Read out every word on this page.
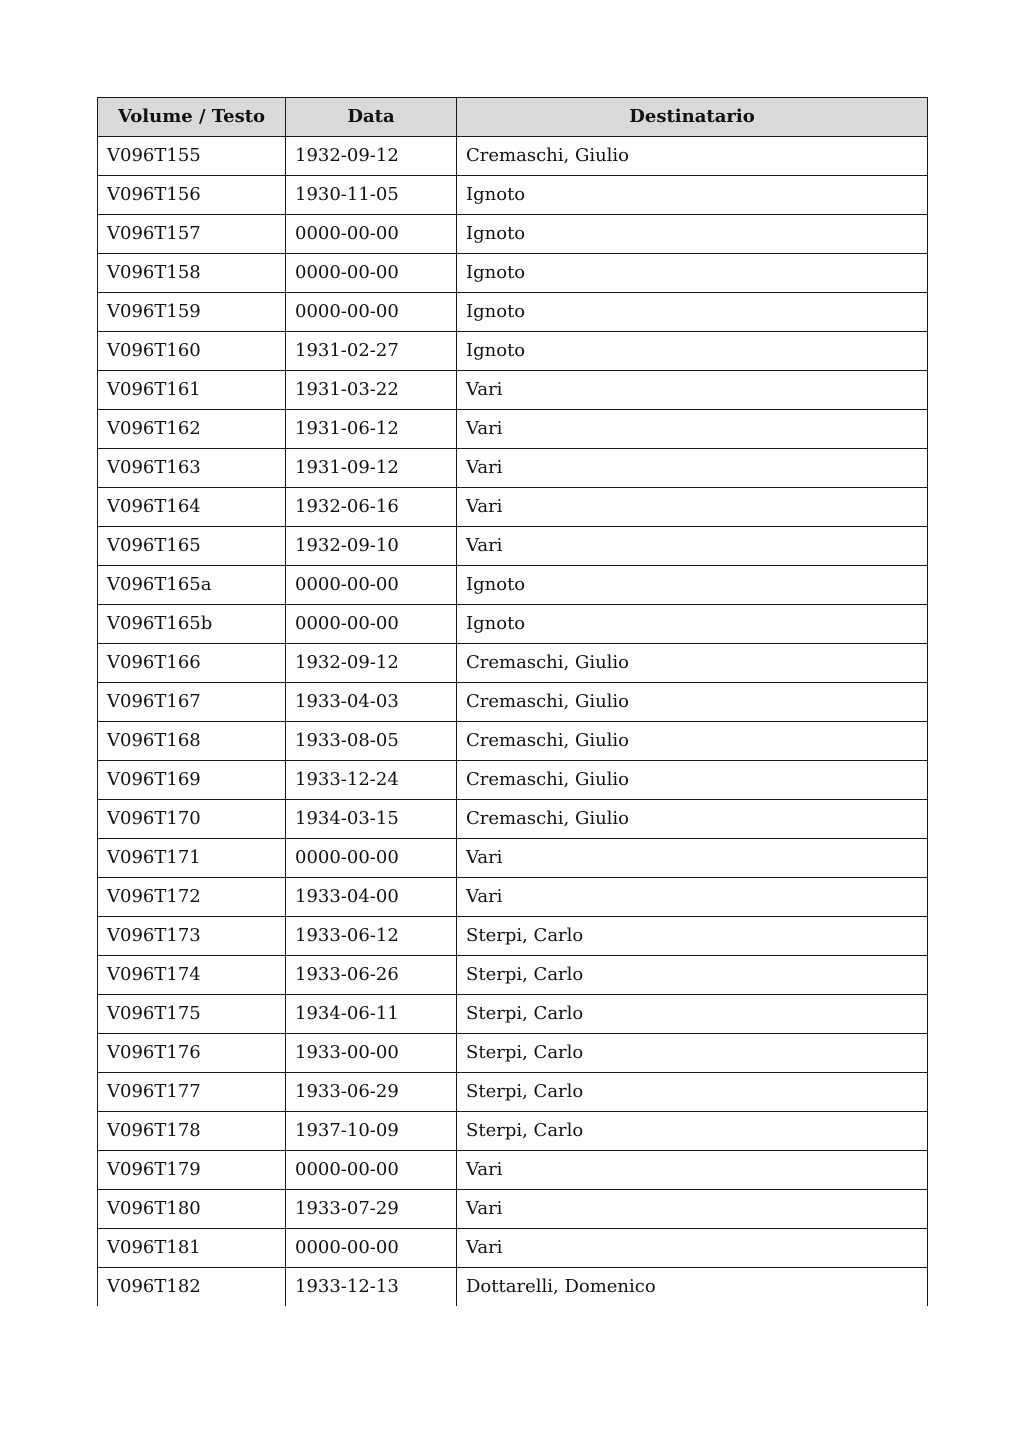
Volume / Testo	Data	Destinatario
V096T155	1932-09-12	Cremaschi, Giulio
V096T156	1930-11-05	Ignoto
V096T157	0000-00-00	Ignoto
V096T158	0000-00-00	Ignoto
V096T159	0000-00-00	Ignoto
V096T160	1931-02-27	Ignoto
V096T161	1931-03-22	Vari
V096T162	1931-06-12	Vari
V096T163	1931-09-12	Vari
V096T164	1932-06-16	Vari
V096T165	1932-09-10	Vari
V096T165a	0000-00-00	Ignoto
V096T165b	0000-00-00	Ignoto
V096T166	1932-09-12	Cremaschi, Giulio
V096T167	1933-04-03	Cremaschi, Giulio
V096T168	1933-08-05	Cremaschi, Giulio
V096T169	1933-12-24	Cremaschi, Giulio
V096T170	1934-03-15	Cremaschi, Giulio
V096T171	0000-00-00	Vari
V096T172	1933-04-00	Vari
V096T173	1933-06-12	Sterpi, Carlo
V096T174	1933-06-26	Sterpi, Carlo
V096T175	1934-06-11	Sterpi, Carlo
V096T176	1933-00-00	Sterpi, Carlo
V096T177	1933-06-29	Sterpi, Carlo
V096T178	1937-10-09	Sterpi, Carlo
V096T179	0000-00-00	Vari
V096T180	1933-07-29	Vari
V096T181	0000-00-00	Vari
V096T182	1933-12-13	Dottarelli, Domenico
